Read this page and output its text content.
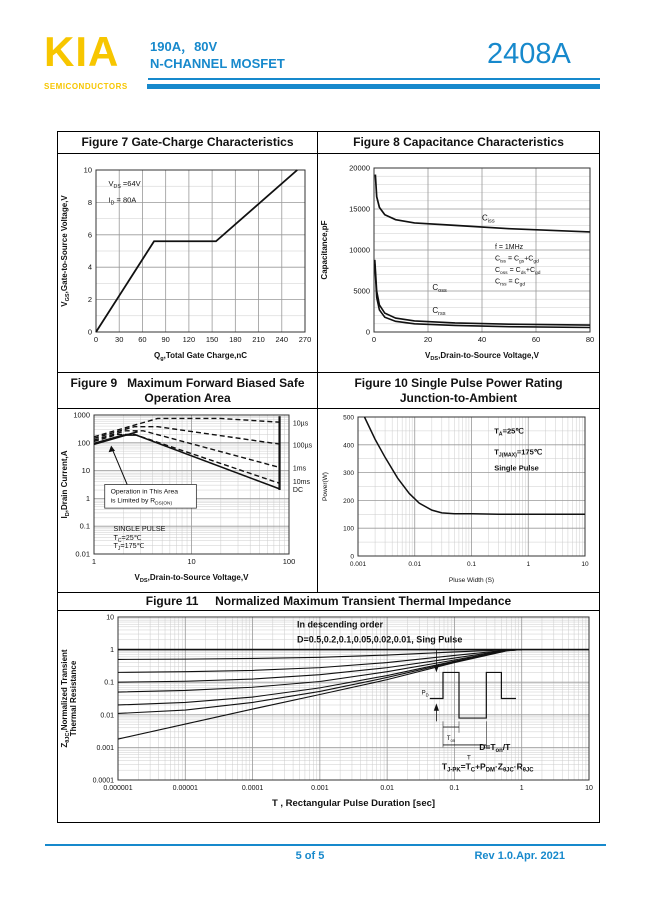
KIA
SEMICONDUCTORS
190A，80V
N-CHANNEL MOSFET	2408A
Figure 7 Gate-Charge Characteristics	Figure 8 Capacitance Characteristics
0 30 60 90 120 150 180 210 240 270
0
2
4
6
8
10
$Q_g,Total$ Gate Charge,nC
$V_{GS},Gate-to$-Source Voltage,V
$V_{DS} =64V$
$I_D = 80A$
0	20	40	60	80
0
5000
10000
15000
20000
$V_{DS},Drain-to$-Source Voltage,V
Capacitance,pF
$C_{iss}$
$C_{oss}$
$C_{rss}$
f = 1MHz
$C_{iss} = C_{gs}+C_{gd}$
$C_{oss} = C_{ds}+C_{gd}$
$C_{rss} = C_{gd}$
Figure 9   Maximum Forward Biased Safe
Operation Area
Figure 10 Single Pulse Power Rating
Junction-to-Ambient
1	10	100
0.01
0.1
1
10
100
1000
$V_{DS},Drain-to$-Source Voltage,V
$I_D,Drain$ Current,A	Operation in This Area
is Limited by $R_{DS(ON)}$
SINGLE PULSE
$T_C=25℃$
$T_J=175℃$
10µs
100µs
1ms
10ms
DC
0.001	0.01	0.1	1	10
0
100
200
300
400
500
Pluse Width (S)
Power(W)
$T_A=25℃$
$T_{J(MAX)}=175℃$
Single Pulse
Figure 11     Normalized Maximum Transient Thermal Impedance
0.000001	0.00001	0.0001	0.001	0.01	0.1	1	10
0.0001
0.001
0.01
0.1
1
10
T , Rectangular Pulse Duration [sec]
$Z_{\theta JC},Normalized$ Transient Thermal Resistance
In descending order
D=0.5,0.2,0.1,0.05,0.02,0.01, Sing Pulse
$P_D$
$T_{on}$
T
$D=T_{on}/T$
$T_{J-PK}=T_C+P_{DM}\cdot Z_{\theta JC}\cdot R_{\theta JC}$
5 of 5	Rev 1.0.Apr. 2021
